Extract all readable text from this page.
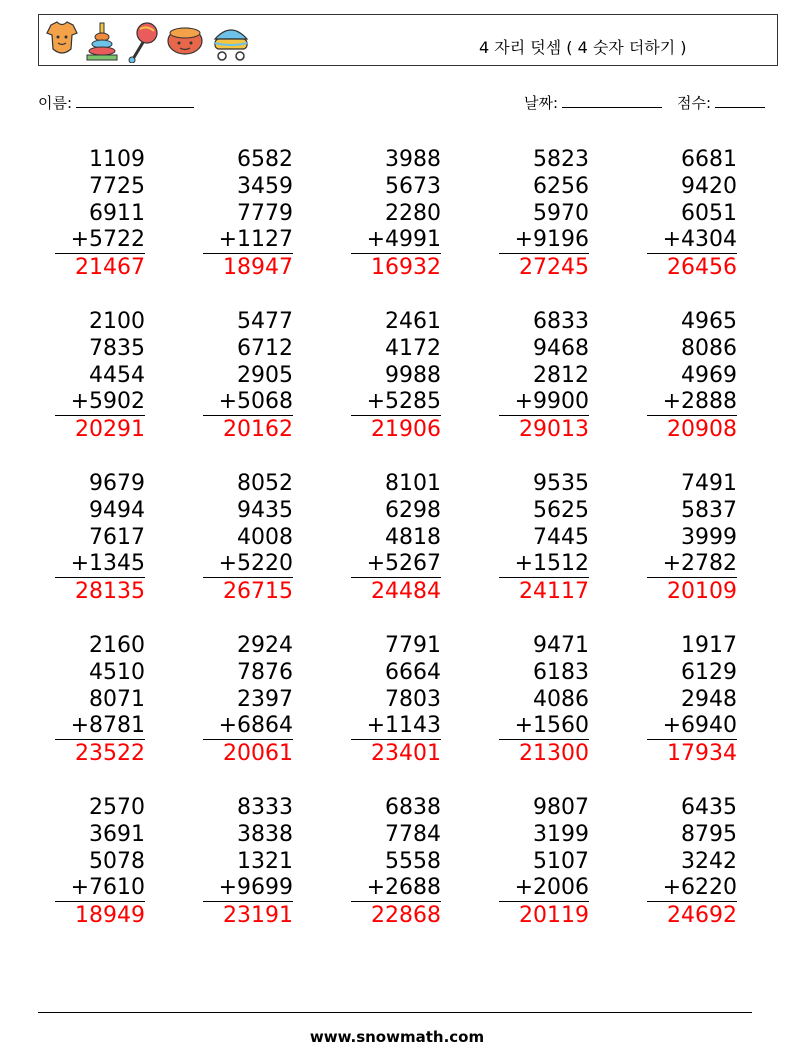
4 자리 덧셈 ( 4 숫자 더하기 )
이름:	날짜:	점수:
1109
7725
6911
+5722
21467
6582
3459
7779
+1127
18947
3988
5673
2280
+4991
16932
5823
6256
5970
+9196
27245
6681
9420
6051
+4304
26456
2100
7835
4454
+5902
20291
5477
6712
2905
+5068
20162
2461
4172
9988
+5285
21906
6833
9468
2812
+9900
29013
4965
8086
4969
+2888
20908
9679
9494
7617
+1345
28135
8052
9435
4008
+5220
26715
8101
6298
4818
+5267
24484
9535
5625
7445
+1512
24117
7491
5837
3999
+2782
20109
2160
4510
8071
+8781
23522
2924
7876
2397
+6864
20061
7791
6664
7803
+1143
23401
9471
6183
4086
+1560
21300
1917
6129
2948
+6940
17934
2570
3691
5078
+7610
18949
8333
3838
1321
+9699
23191
6838
7784
5558
+2688
22868
9807
3199
5107
+2006
20119
6435
8795
3242
+6220
24692
www.snowmath.com
